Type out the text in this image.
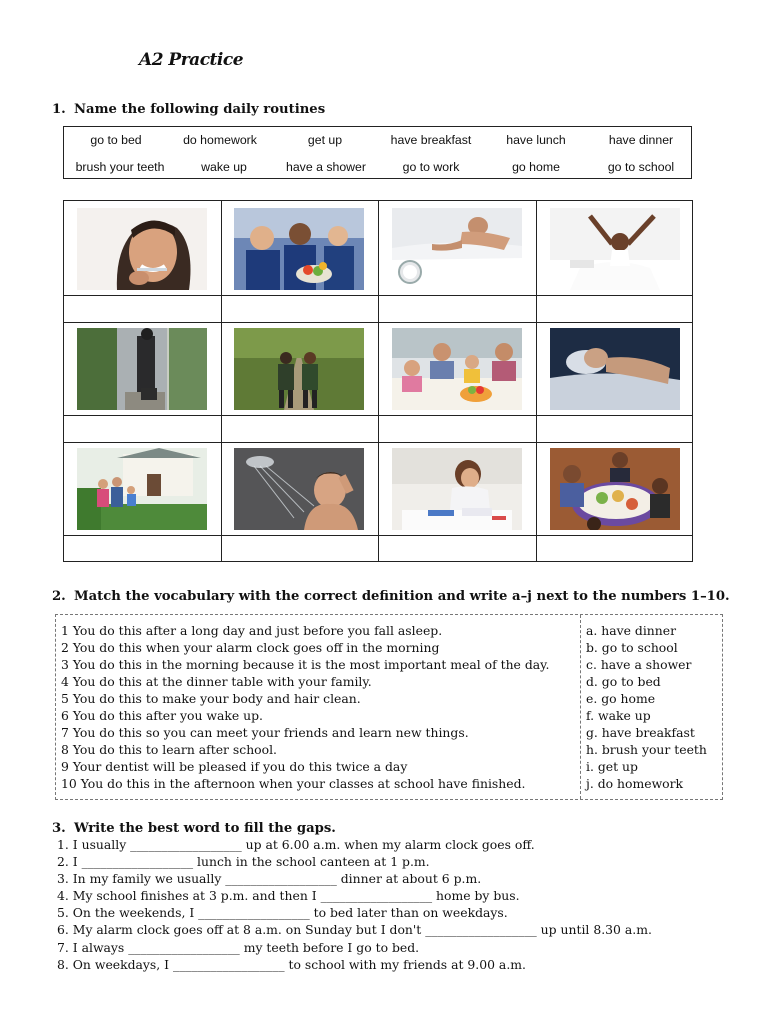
A2 Practice
1. Name the following daily routines
go to bed	do homework	get up	have breakfast	have lunch	have dinner
brush your teeth	wake up	have a shower	go to work	go home	go to school
2. Match the vocabulary with the correct definition and write a–j next to the numbers 1–10.
1 You do this after a long day and just before you fall asleep.
2 You do this when your alarm clock goes off in the morning
3 You do this in the morning because it is the most important meal of the day.
4 You do this at the dinner table with your family.
5 You do this to make your body and hair clean.
6 You do this after you wake up.
7 You do this so you can meet your friends and learn new things.
8 You do this to learn after school.
9 Your dentist will be pleased if you do this twice a day
10 You do this in the afternoon when your classes at school have finished.
a. have dinner
b. go to school
c. have a shower
d. go to bed
e. go home
f. wake up
g. have breakfast
h. brush your teeth
i. get up
j. do homework
3. Write the best word to fill the gaps.
1. I usually __________________ up at 6.00 a.m. when my alarm clock goes off.
2. I __________________ lunch in the school canteen at 1 p.m.
3. In my family we usually __________________ dinner at about 6 p.m.
4. My school finishes at 3 p.m. and then I __________________ home by bus.
5. On the weekends, I __________________ to bed later than on weekdays.
6. My alarm clock goes off at 8 a.m. on Sunday but I don't __________________ up until 8.30 a.m.
7. I always __________________ my teeth before I go to bed.
8. On weekdays, I __________________ to school with my friends at 9.00 a.m.
